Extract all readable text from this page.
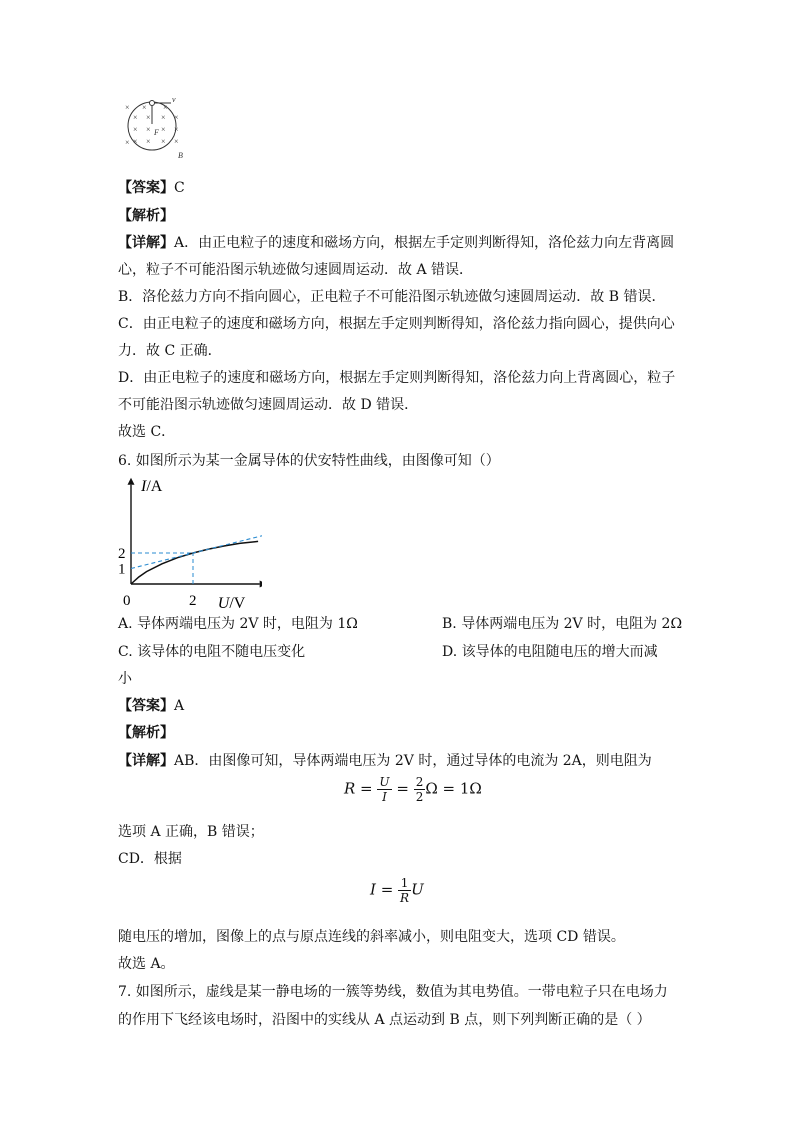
×
× × × ×
× × × ×
× × × ×
×
× ×
v
F
B
【答案】C
【解析】
【详解】A．由正电粒子的速度和磁场方向，根据左手定则判断得知，洛伦兹力向左背离圆
心，粒子不可能沿图示轨迹做匀速圆周运动．故 A 错误．
B．洛伦兹力方向不指向圆心，正电粒子不可能沿图示轨迹做匀速圆周运动．故 B 错误．
C．由正电粒子的速度和磁场方向，根据左手定则判断得知，洛伦兹力指向圆心，提供向心
力．故 C 正确．
D．由正电粒子的速度和磁场方向，根据左手定则判断得知，洛伦兹力向上背离圆心，粒子
不可能沿图示轨迹做匀速圆周运动．故 D 错误．
故选 C．
6. 如图所示为某一金属导体的伏安特性曲线，由图像可知（）
0	2
1
2
I/A
U/V
A. 导体两端电压为 2V 时，电阻为 1Ω	B. 导体两端电压为 2V 时，电阻为 2Ω
C. 该导体的电阻不随电压变化	D. 该导体的电阻随电压的增大而减
小
【答案】A
【解析】
【详解】AB．由图像可知，导体两端电压为 2V 时，通过导体的电流为 2A，则电阻为
$R = \frac{U}{I} = \frac{2}{2}$ Ω = 1Ω
选项 A 正确，B 错误；
CD．根据
$I = \frac{1}{R}$ U
随电压的增加，图像上的点与原点连线的斜率减小，则电阻变大，选项 CD 错误。
故选 A。
7. 如图所示，虚线是某一静电场的一簇等势线，数值为其电势值。一带电粒子只在电场力
的作用下飞经该电场时，沿图中的实线从 A 点运动到 B 点，则下列判断正确的是（ ）
